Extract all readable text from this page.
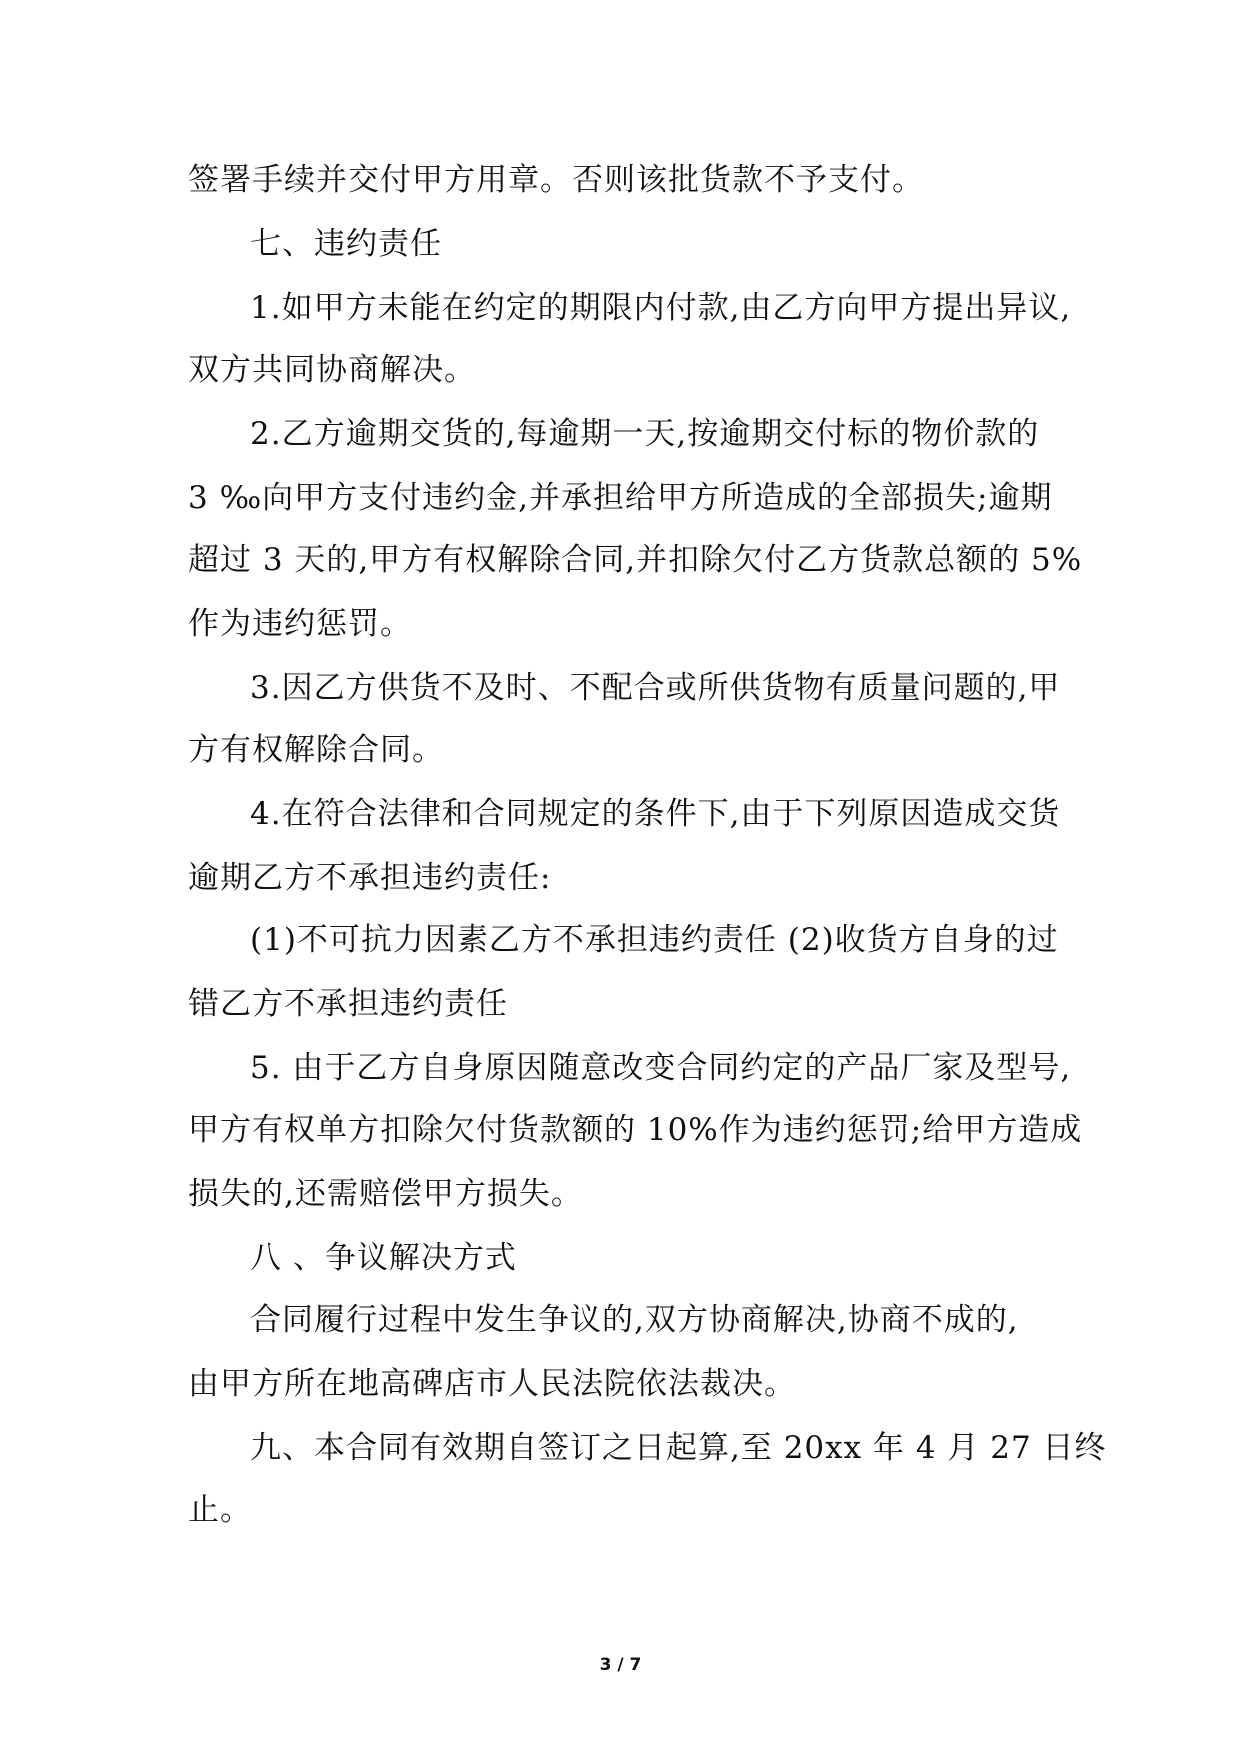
签署手续并交付甲方用章。否则该批货款不予支付。
七、违约责任
1.如甲方未能在约定的期限内付款,由乙方向甲方提出异议,
双方共同协商解决。
2.乙方逾期交货的,每逾期一天,按逾期交付标的物价款的
3 ‰向甲方支付违约金,并承担给甲方所造成的全部损失;逾期
超过 3 天的,甲方有权解除合同,并扣除欠付乙方货款总额的 5%
作为违约惩罚。
3.因乙方供货不及时、不配合或所供货物有质量问题的,甲
方有权解除合同。
4.在符合法律和合同规定的条件下,由于下列原因造成交货
逾期乙方不承担违约责任:
(1)不可抗力因素乙方不承担违约责任 (2)收货方自身的过
错乙方不承担违约责任
5. 由于乙方自身原因随意改变合同约定的产品厂家及型号,
甲方有权单方扣除欠付货款额的 10%作为违约惩罚;给甲方造成
损失的,还需赔偿甲方损失。
八 、争议解决方式
合同履行过程中发生争议的,双方协商解决,协商不成的,
由甲方所在地高碑店市人民法院依法裁决。
九、本合同有效期自签订之日起算,至 20xx 年 4 月 27 日终
止。
3 / 7
